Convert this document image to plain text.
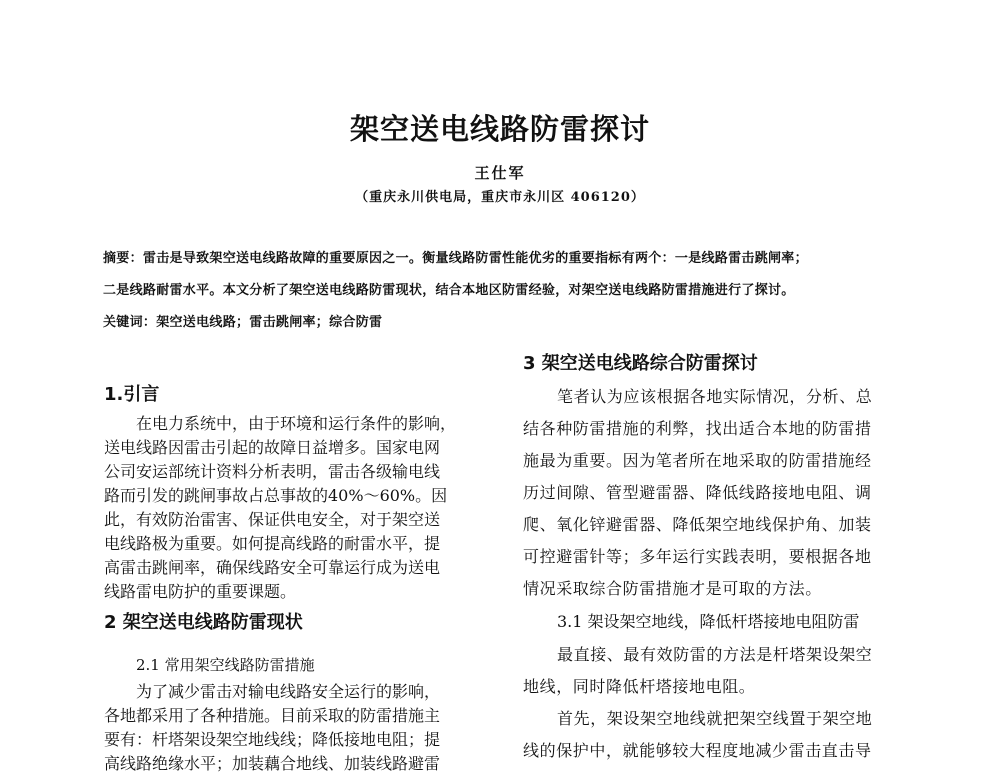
架空送电线路防雷探讨
王仕军
（重庆永川供电局，重庆市永川区 406120）
摘要：雷击是导致架空送电线路故障的重要原因之一。衡量线路防雷性能优劣的重要指标有两个：一是线路雷击跳闸率；
二是线路耐雷水平。本文分析了架空送电线路防雷现状，结合本地区防雷经验，对架空送电线路防雷措施进行了探讨。
关键词：架空送电线路；雷击跳闸率；综合防雷
1.引言
在电力系统中，由于环境和运行条件的影响，
送电线路因雷击引起的故障日益增多。国家电网
公司安运部统计资料分析表明，雷击各级输电线
路而引发的跳闸事故占总事故的40%～60%。因
此，有效防治雷害、保证供电安全，对于架空送
电线路极为重要。如何提高线路的耐雷水平，提
高雷击跳闸率，确保线路安全可靠运行成为送电
线路雷电防护的重要课题。
2 架空送电线路防雷现状
2.1 常用架空线路防雷措施
为了减少雷击对输电线路安全运行的影响，
各地都采用了各种措施。目前采取的防雷措施主
要有：杆塔架设架空地线线；降低接地电阻；提
高线路绝缘水平；加装藕合地线、加装线路避雷
3 架空送电线路综合防雷探讨
笔者认为应该根据各地实际情况，分析、总
结各种防雷措施的利弊，找出适合本地的防雷措
施最为重要。因为笔者所在地采取的防雷措施经
历过间隙、管型避雷器、降低线路接地电阻、调
爬、氧化锌避雷器、降低架空地线保护角、加装
可控避雷针等；多年运行实践表明，要根据各地
情况采取综合防雷措施才是可取的方法。
3.1 架设架空地线，降低杆塔接地电阻防雷
最直接、最有效防雷的方法是杆塔架设架空
地线，同时降低杆塔接地电阻。
首先，架设架空地线就把架空线置于架空地
线的保护中，就能够较大程度地减少雷击直击导
